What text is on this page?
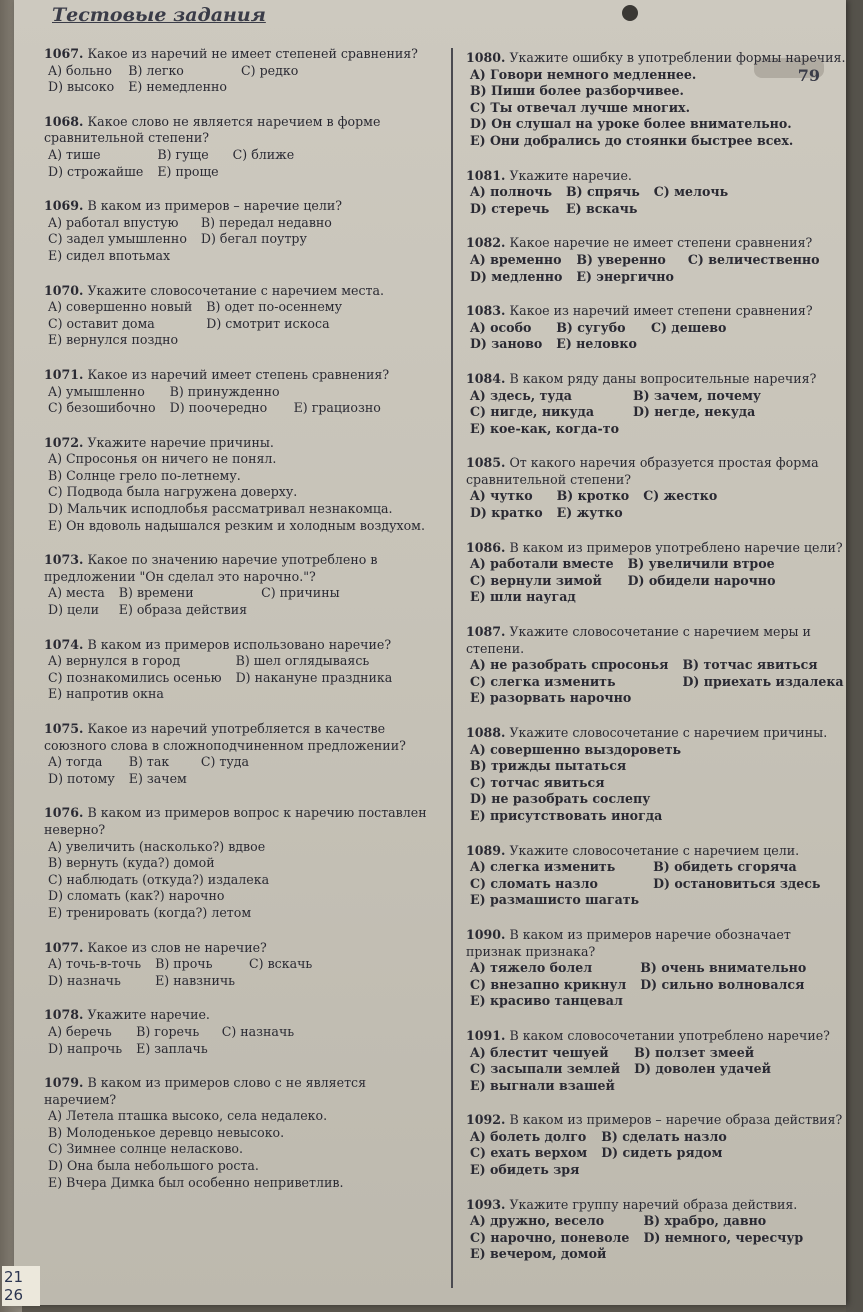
Тестовые задания
79
1067. Какое из наречий не имеет степеней сравнения?
A) больно B) легко	C) редко
D) высоко E) немедленно
1068. Какое слово не является наречием в форме сравнительной степени?
A) тише	B) гуще	C) ближе
D) строжайше E) проще
1069. В каком из примеров – наречие цели?
A) работал впустую	B) передал недавно
C) задел умышленно D) бегал поутру
E) сидел впотьмах
1070. Укажите словосочетание с наречием места.
A) совершенно новый B) одет по-осеннему
C) оставит дома	D) смотрит искоса
E) вернулся поздно
1071. Какое из наречий имеет степень сравнения?
A) умышленно	B) принужденно
C) безошибочно D) поочередно	E) грациозно
1072. Укажите наречие причины.
A) Спросонья он ничего не понял.
B) Солнце грело по-летнему.
C) Подвода была нагружена доверху.
D) Мальчик исподлобья рассматривал незнакомца.
E) Он вдоволь надышался резким и холодным воздухом.
1073. Какое по значению наречие употреблено в предложении "Он сделал это нарочно."?
A) места B) времени	C) причины
D) цели	E) образа действия
1074. В каком из примеров использовано наречие?
A) вернулся в город	B) шел оглядываясь
C) познакомились осенью D) накануне праздника
E) напротив окна
1075. Какое из наречий употребляется в качестве союзного слова в сложноподчиненном предложении?
A) тогда	B) так	C) туда
D) потому E) зачем
1076. В каком из примеров вопрос к наречию поставлен неверно?
A) увеличить (насколько?) вдвое
B) вернуть (куда?) домой
C) наблюдать (откуда?) издалека
D) сломать (как?) нарочно
E) тренировать (когда?) летом
1077. Какое из слов не наречие?
A) точь-в-точь B) прочь	C) вскачь
D) назначь	E) навзничь
1078. Укажите наречие.
A) беречь	B) горечь	C) назначь
D) напрочь E) заплачь
1079. В каком из примеров слово с не является наречием?
A) Летела пташка высоко, села недалеко.
B) Молоденькое деревцо невысоко.
C) Зимнее солнце неласково.
D) Она была небольшого роста.
E) Вчера Димка был особенно неприветлив.
1080. Укажите ошибку в употреблении формы наречия.
A) Говори немного медленнее.
B) Пиши более разборчивее.
C) Ты отвечал лучше многих.
D) Он слушал на уроке более внимательно.
E) Они добрались до стоянки быстрее всех.
1081. Укажите наречие.
A) полночь B) спрячь C) мелочь
D) стеречь E) вскачь
1082. Какое наречие не имеет степени сравнения?
A) временно B) уверенно	C) величественно
D) медленно E) энергично
1083. Какое из наречий имеет степени сравнения?
A) особо	B) сугубо	C) дешево
D) заново E) неловко
1084. В каком ряду даны вопросительные наречия?
A) здесь, туда	B) зачем, почему
C) нигде, никуда	D) негде, некуда
E) кое-как, когда-то
1085. От какого наречия образуется простая форма сравнительной степени?
A) чутко	B) кротко C) жестко
D) кратко E) жутко
1086. В каком из примеров употреблено наречие цели?
A) работали вместе B) увеличили втрое
C) вернули зимой	D) обидели нарочно
E) шли наугад
1087. Укажите словосочетание с наречием меры и степени.
A) не разобрать спросонья B) тотчас явиться
C) слегка изменить	D) приехать издалека
E) разорвать нарочно
1088. Укажите словосочетание с наречием причины.
A) совершенно выздороветь
B) трижды пытаться
C) тотчас явиться
D) не разобрать сослепу
E) присутствовать иногда
1089. Укажите словосочетание с наречием цели.
A) слегка изменить	B) обидеть сгоряча
C) сломать назло	D) остановиться здесь
E) размашисто шагать
1090. В каком из примеров наречие обозначает признак признака?
A) тяжело болел	B) очень внимательно
C) внезапно крикнул D) сильно волновался
E) красиво танцевал
1091. В каком словосочетании употреблено наречие?
A) блестит чешуей	B) ползет змеей
C) засыпали землей D) доволен удачей
E) выгнали взашей
1092. В каком из примеров – наречие образа действия?
A) болеть долго B) сделать назло
C) ехать верхом D) сидеть рядом
E) обидеть зря
1093. Укажите группу наречий образа действия.
A) дружно, весело	B) храбро, давно
C) нарочно, поневоле D) немного, чересчур
E) вечером, домой
21
26
